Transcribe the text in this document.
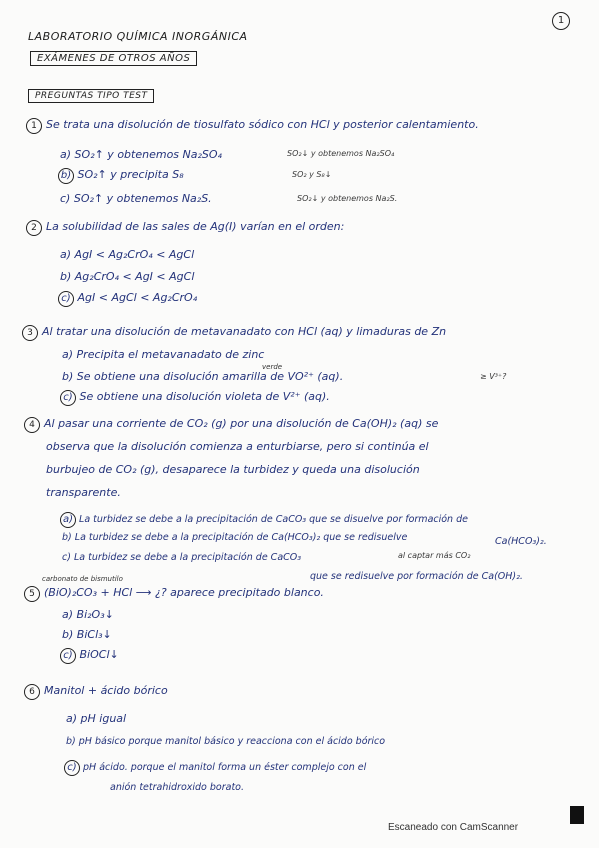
1
LABORATORIO QUÍMICA INORGÁNICA
EXÁMENES DE OTROS AÑOS
PREGUNTAS TIPO TEST
1 Se trata una disolución de tiosulfato sódico con HCl y posterior calentamiento.
a) SO₂↑ y obtenemos Na₂SO₄	SO₂↓ y obtenemos Na₂SO₄
b) SO₂↑ y precipita S₈	SO₂ y S₈↓
c) SO₂↑ y obtenemos Na₂S.	SO₂↓ y obtenemos Na₂S.
2 La solubilidad de las sales de Ag(I) varían en el orden:
a) AgI < Ag₂CrO₄ < AgCl
b) Ag₂CrO₄ < AgI < AgCl
c) AgI < AgCl < Ag₂CrO₄
3 Al tratar una disolución de metavanadato con HCl (aq) y limaduras de Zn
a) Precipita el metavanadato de zinc
verde
b) Se obtiene una disolución amarilla de VO²⁺ (aq).	≥ V³⁺?
c) Se obtiene una disolución violeta de V²⁺ (aq).
4 Al pasar una corriente de CO₂ (g) por una disolución de Ca(OH)₂ (aq) se
observa que la disolución comienza a enturbiarse, pero si continúa el
burbujeo de CO₂ (g), desaparece la turbidez y queda una disolución
transparente.
a) La turbidez se debe a la precipitación de CaCO₃ que se disuelve por formación de
b) La turbidez se debe a la precipitación de Ca(HCO₃)₂ que se redisuelve	Ca(HCO₃)₂.
c) La turbidez se debe a la precipitación de CaCO₃	al captar más CO₂
que se redisuelve por formación de Ca(OH)₂.
carbonato de bismutilo
5 (BiO)₂CO₃ + HCl ⟶ ¿? aparece precipitado blanco.
a) Bi₂O₃↓
b) BiCl₃↓
c) BiOCl↓
6 Manitol + ácido bórico
a) pH igual
b) pH básico porque manitol básico y reacciona con el ácido bórico
c) pH ácido. porque el manitol forma un éster complejo con el
anión tetrahidroxido borato.
Escaneado con CamScanner
